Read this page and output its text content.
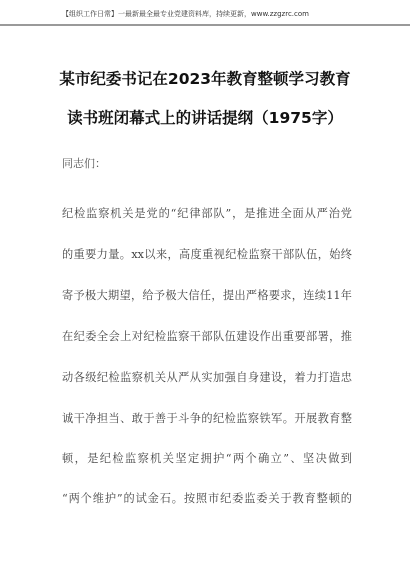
【组织工作日常】一最新最全最专业党建资料库，持续更新，www.zzgzrc.com
某市纪委书记在2023年教育整顿学习教育
读书班闭幕式上的讲话提纲（1975字）
同志们：
纪检监察机关是党的“纪律部队”，是推进全面从严治党
的重要力量。xx以来，高度重视纪检监察干部队伍，始终
寄予极大期望，给予极大信任，提出严格要求，连续11年
在纪委全会上对纪检监察干部队伍建设作出重要部署，推
动各级纪检监察机关从严从实加强自身建设，着力打造忠
诚干净担当、敢于善于斗争的纪检监察铁军。开展教育整
顿，是纪检监察机关坚定拥护“两个确立”、坚决做到
“两个维护”的试金石。按照市纪委监委关于教育整顿的
